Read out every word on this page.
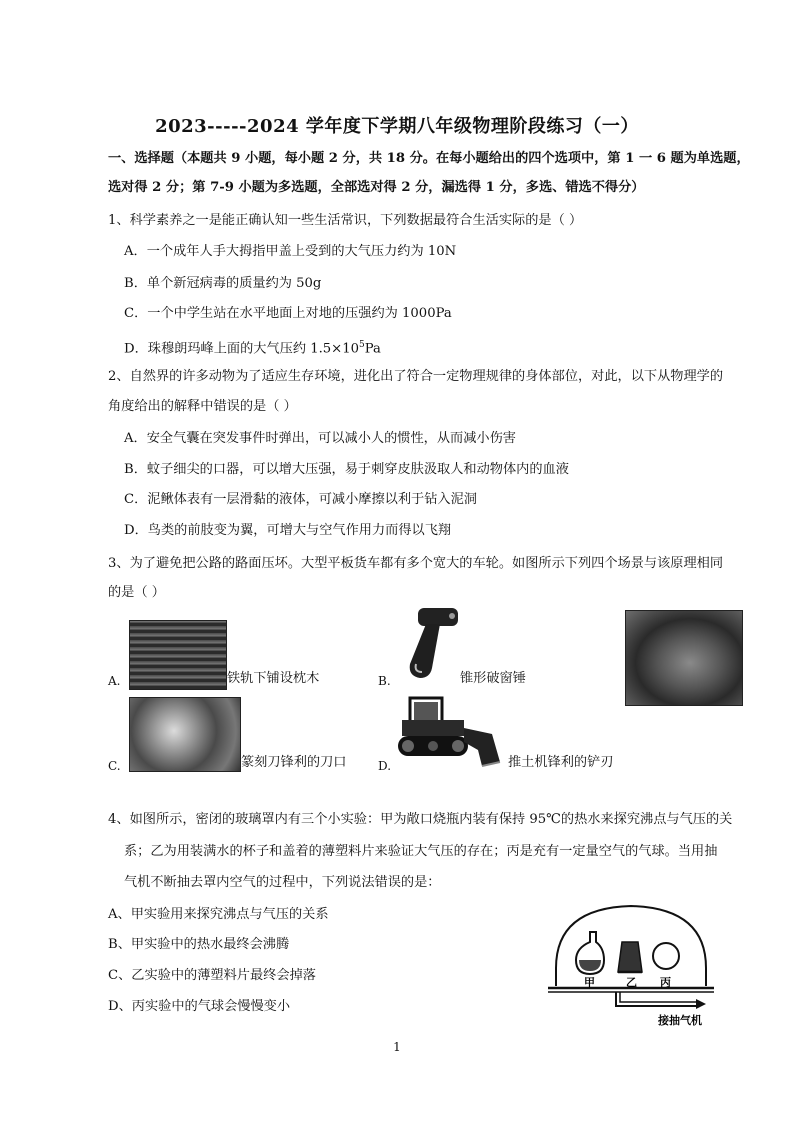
2023-----2024 学年度下学期八年级物理阶段练习（一）
一、选择题（本题共 9 小题，每小题 2 分，共 18 分。在每小题给出的四个选项中，第 1 一 6 题为单选题，
选对得 2 分；第 7-9 小题为多选题，全部选对得 2 分，漏选得 1 分，多选、错选不得分）
1、科学素养之一是能正确认知一些生活常识，下列数据最符合生活实际的是（ ）
A．一个成年人手大拇指甲盖上受到的大气压力约为 10N
B．单个新冠病毒的质量约为 50g
C．一个中学生站在水平地面上对地的压强约为 1000Pa
D．珠穆朗玛峰上面的大气压约 $1.5\times 10^5Pa$
2、自然界的许多动物为了适应生存环境，进化出了符合一定物理规律的身体部位，对此，以下从物理学的
角度给出的解释中错误的是（ ）
A．安全气囊在突发事件时弹出，可以减小人的惯性，从而减小伤害
B．蚊子细尖的口器，可以增大压强，易于刺穿皮肤汲取人和动物体内的血液
C．泥鳅体表有一层滑黏的液体，可减小摩擦以利于钻入泥洞
D．鸟类的前肢变为翼，可增大与空气作用力而得以飞翔
3、为了避免把公路的路面压坏。大型平板货车都有多个宽大的车轮。如图所示下列四个场景与该原理相同
的是（ ）
A.	铁轨下铺设枕木	B.	锥形破窗锤
C.	篆刻刀锋利的刀口	D.	推土机锋利的铲刃
4、如图所示，密闭的玻璃罩内有三个小实验：甲为敞口烧瓶内装有保持 95℃的热水来探究沸点与气压的关
系；乙为用装满水的杯子和盖着的薄塑料片来验证大气压的存在；丙是充有一定量空气的气球。当用抽
气机不断抽去罩内空气的过程中，下列说法错误的是：
A、甲实验用来探究沸点与气压的关系
B、甲实验中的热水最终会沸腾
C、乙实验中的薄塑料片最终会掉落
D、丙实验中的气球会慢慢变小
甲	乙 丙
接抽气机
1
